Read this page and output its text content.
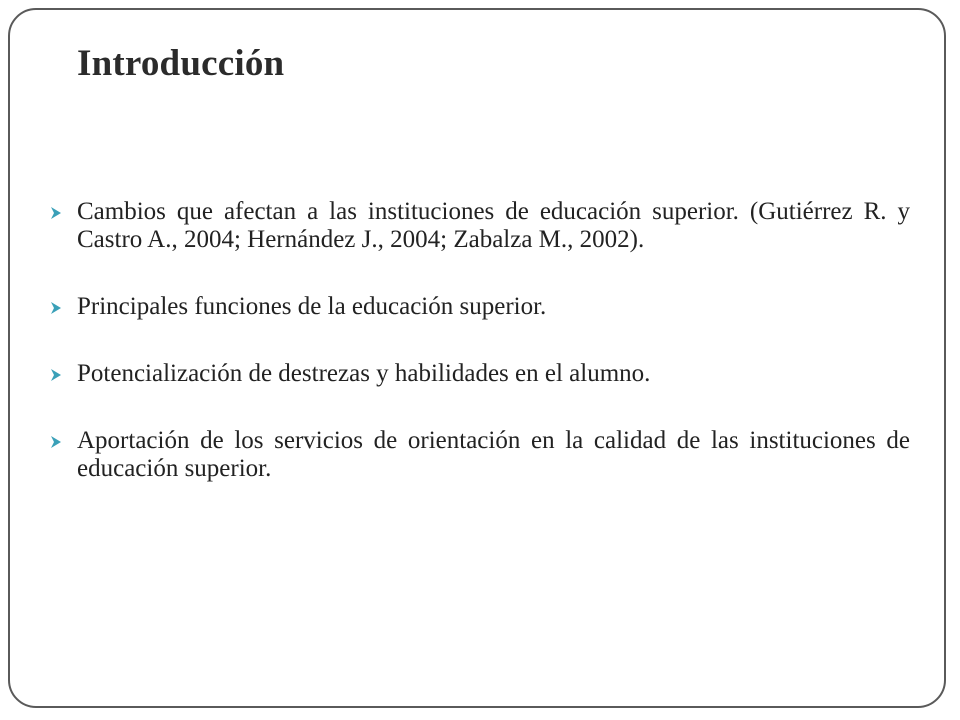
Introducción
Cambios que afectan a las instituciones de educación superior. (Gutiérrez R. y Castro A., 2004; Hernández J., 2004; Zabalza M., 2002).
Principales funciones de la educación superior.
Potencialización de destrezas y habilidades en el alumno.
Aportación de los servicios de orientación en la calidad de las instituciones de educación superior.
